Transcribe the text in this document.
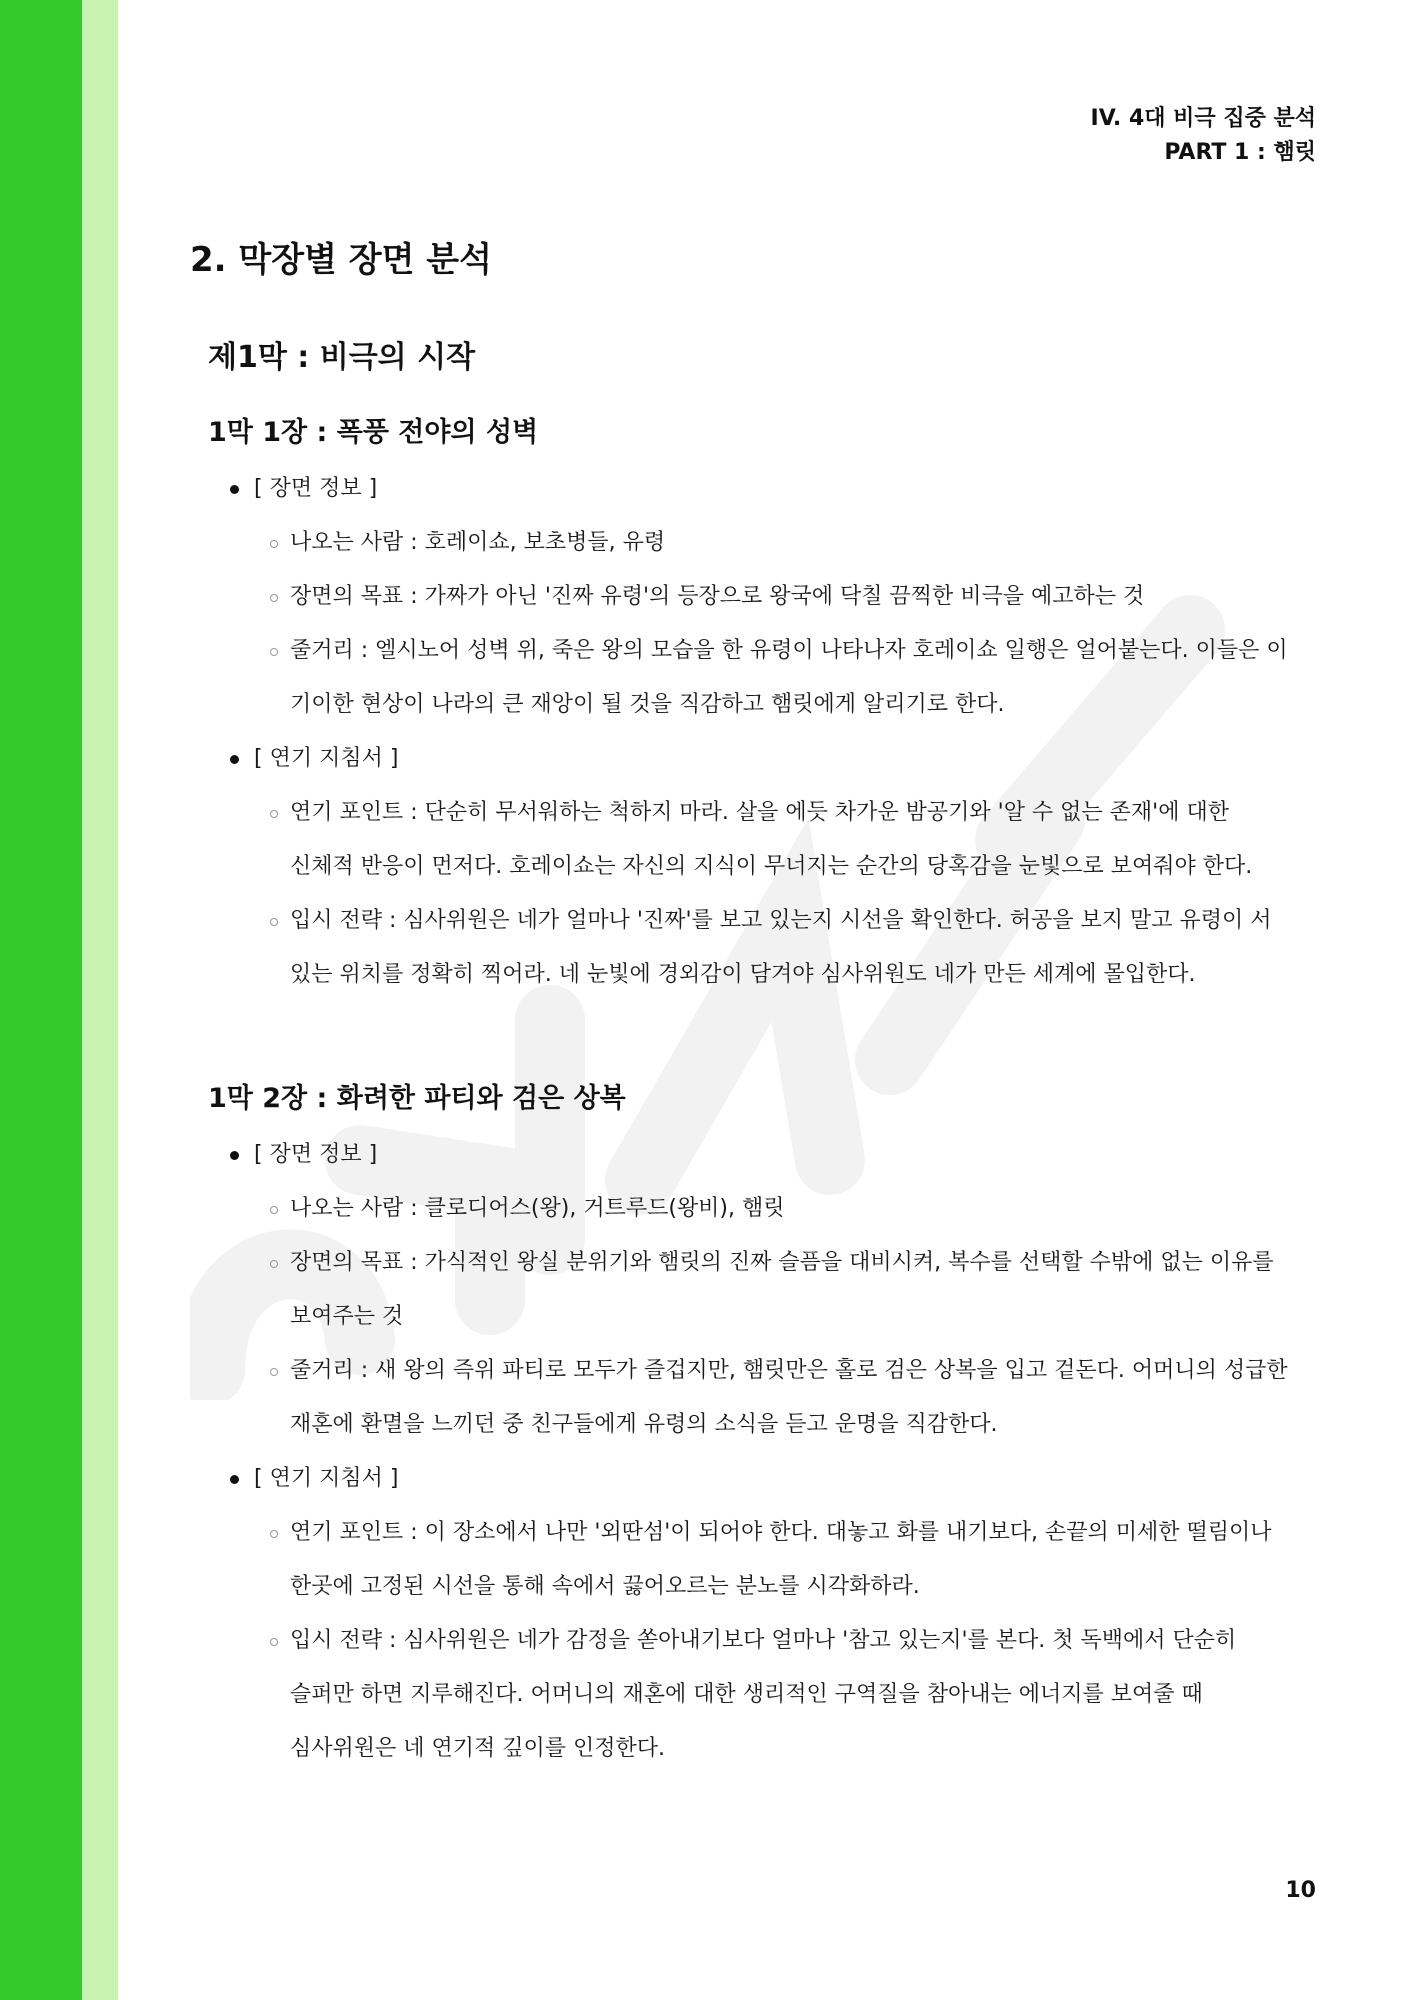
IV. 4대 비극 집중 분석
PART 1 : 햄릿
2. 막장별 장면 분석
제1막 : 비극의 시작
1막 1장 : 폭풍 전야의 성벽
[ 장면 정보 ]
나오는 사람 : 호레이쇼, 보초병들, 유령
장면의 목표 : 가짜가 아닌 '진짜 유령'의 등장으로 왕국에 닥칠 끔찍한 비극을 예고하는 것
줄거리 : 엘시노어 성벽 위, 죽은 왕의 모습을 한 유령이 나타나자 호레이쇼 일행은 얼어붙는다. 이들은 이 기이한 현상이 나라의 큰 재앙이 될 것을 직감하고 햄릿에게 알리기로 한다.
[ 연기 지침서 ]
연기 포인트 : 단순히 무서워하는 척하지 마라. 살을 에듯 차가운 밤공기와 '알 수 없는 존재'에 대한 신체적 반응이 먼저다. 호레이쇼는 자신의 지식이 무너지는 순간의 당혹감을 눈빛으로 보여줘야 한다.
입시 전략 : 심사위원은 네가 얼마나 '진짜'를 보고 있는지 시선을 확인한다. 허공을 보지 말고 유령이 서 있는 위치를 정확히 찍어라. 네 눈빛에 경외감이 담겨야 심사위원도 네가 만든 세계에 몰입한다.
1막 2장 : 화려한 파티와 검은 상복
[ 장면 정보 ]
나오는 사람 : 클로디어스(왕), 거트루드(왕비), 햄릿
장면의 목표 : 가식적인 왕실 분위기와 햄릿의 진짜 슬픔을 대비시켜, 복수를 선택할 수밖에 없는 이유를 보여주는 것
줄거리 : 새 왕의 즉위 파티로 모두가 즐겁지만, 햄릿만은 홀로 검은 상복을 입고 겉돈다. 어머니의 성급한 재혼에 환멸을 느끼던 중 친구들에게 유령의 소식을 듣고 운명을 직감한다.
[ 연기 지침서 ]
연기 포인트 : 이 장소에서 나만 '외딴섬'이 되어야 한다. 대놓고 화를 내기보다, 손끝의 미세한 떨림이나 한곳에 고정된 시선을 통해 속에서 끓어오르는 분노를 시각화하라.
입시 전략 : 심사위원은 네가 감정을 쏟아내기보다 얼마나 '참고 있는지'를 본다. 첫 독백에서 단순히 슬퍼만 하면 지루해진다. 어머니의 재혼에 대한 생리적인 구역질을 참아내는 에너지를 보여줄 때 심사위원은 네 연기적 깊이를 인정한다.
10
